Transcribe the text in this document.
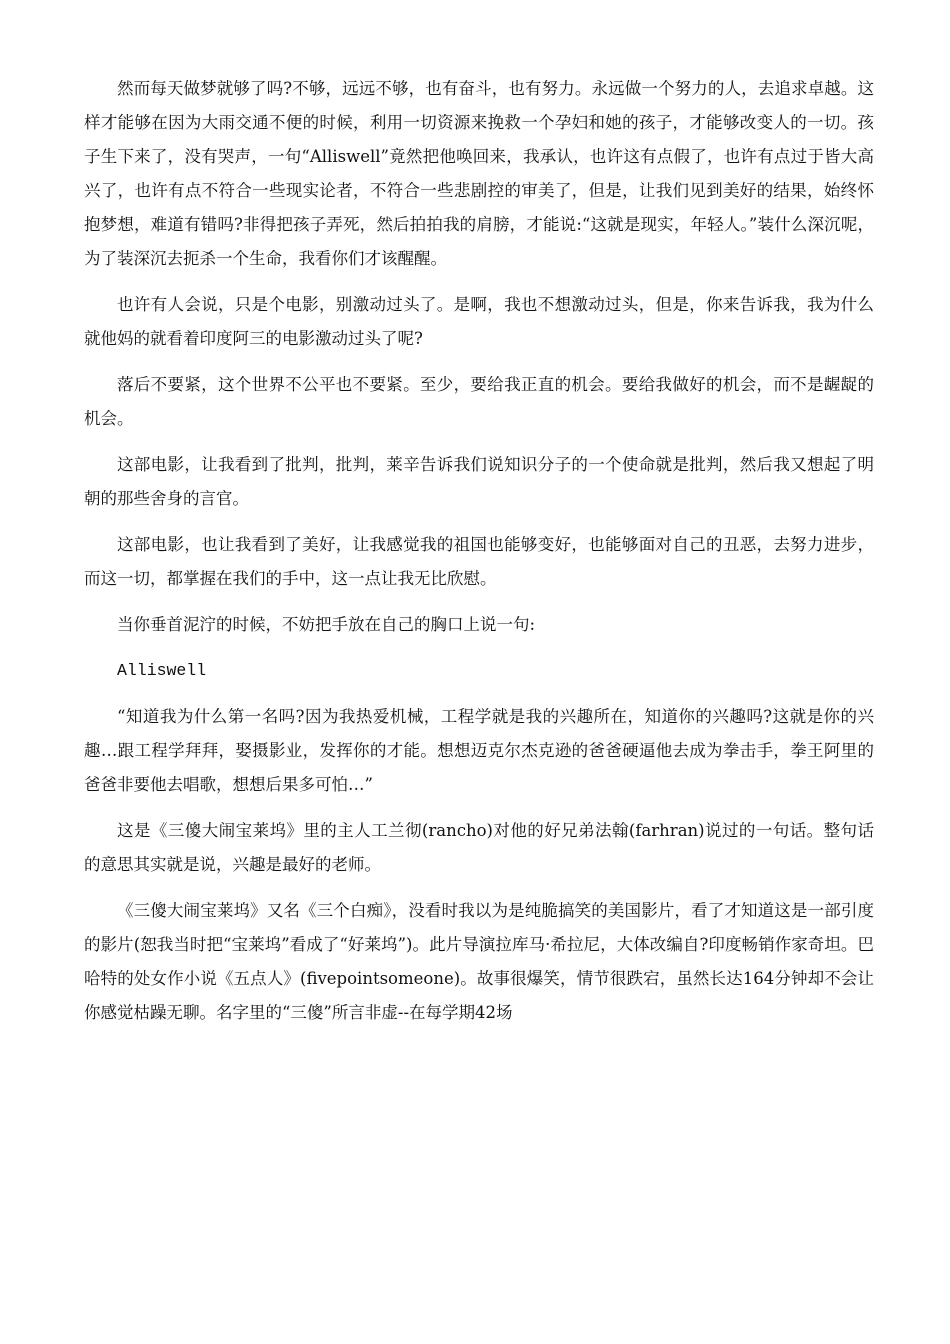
然而每天做梦就够了吗?不够，远远不够，也有奋斗，也有努力。永远做一个努力的人，去追求卓越。这样才能够在因为大雨交通不便的时候，利用一切资源来挽救一个孕妇和她的孩子，才能够改变人的一切。孩子生下来了，没有哭声，一句“Alliswell”竟然把他唤回来，我承认，也许这有点假了，也许有点过于皆大高兴了，也许有点不符合一些现实论者，不符合一些悲剧控的审美了，但是，让我们见到美好的结果，始终怀抱梦想，难道有错吗?非得把孩子弄死，然后拍拍我的肩膀，才能说:“这就是现实，年轻人。”装什么深沉呢，为了装深沉去扼杀一个生命，我看你们才该醒醒。

也许有人会说，只是个电影，别激动过头了。是啊，我也不想激动过头，但是，你来告诉我，我为什么就他妈的就看着印度阿三的电影激动过头了呢?

落后不要紧，这个世界不公平也不要紧。至少，要给我正直的机会。要给我做好的机会，而不是龌龊的机会。

这部电影，让我看到了批判，批判，莱辛告诉我们说知识分子的一个使命就是批判，然后我又想起了明朝的那些舍身的言官。

这部电影，也让我看到了美好，让我感觉我的祖国也能够变好，也能够面对自己的丑恶，去努力进步，而这一切，都掌握在我们的手中，这一点让我无比欣慰。

当你垂首泥泞的时候，不妨把手放在自己的胸口上说一句:

Alliswell

“知道我为什么第一名吗?因为我热爱机械，工程学就是我的兴趣所在，知道你的兴趣吗?这就是你的兴趣…跟工程学拜拜，娶摄影业，发挥你的才能。想想迈克尔杰克逊的爸爸硬逼他去成为拳击手，拳王阿里的爸爸非要他去唱歌，想想后果多可怕…”

这是《三傻大闹宝莱坞》里的主人工兰彻(rancho)对他的好兄弟法翰(farhran)说过的一句话。整句话的意思其实就是说，兴趣是最好的老师。

《三傻大闹宝莱坞》又名《三个白痴》，没看时我以为是纯脆搞笑的美国影片，看了才知道这是一部引度的影片(恕我当时把“宝莱坞”看成了“好莱坞”)。此片导演拉库马·希拉尼，大体改编自?印度畅销作家奇坦。巴哈特的处女作小说《五点人》(fivepointsomeone)。故事很爆笑，情节很跌宕，虽然长达164分钟却不会让你感觉枯躁无聊。名字里的“三傻”所言非虚--在每学期42场
